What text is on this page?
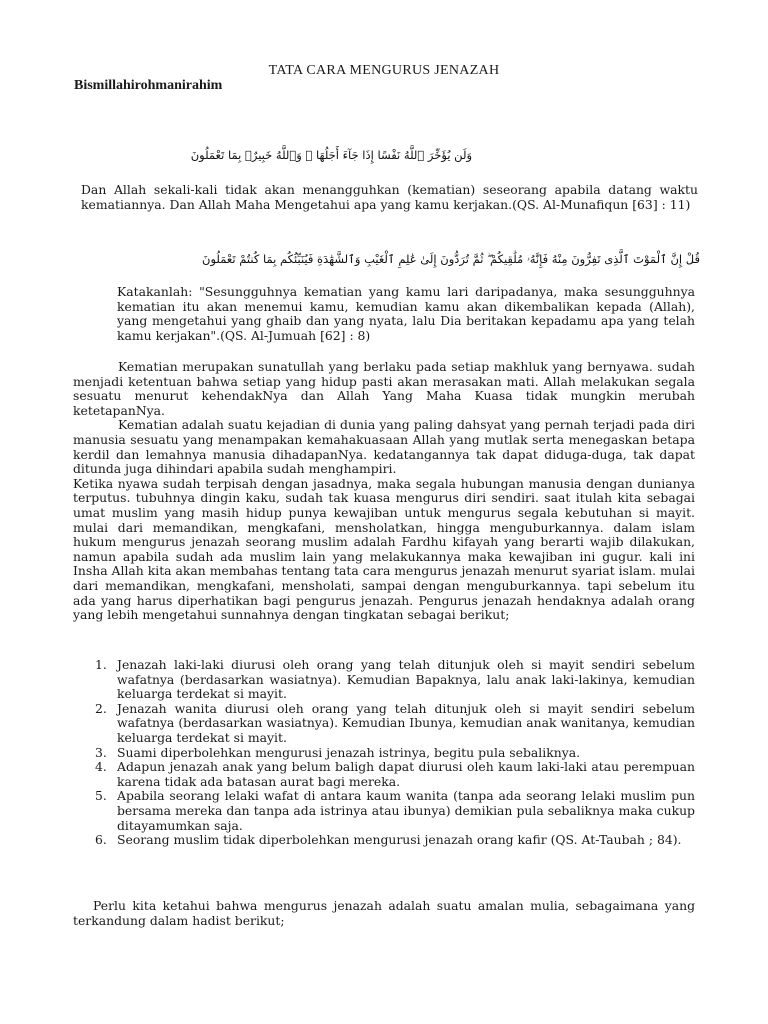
TATA CARA MENGURUS JENAZAH
Bismillahirohmanirahim
وَلَن يُؤَخِّرَ ٱللَّهُ نَفْسًا إِذَا جَآءَ أَجَلُهَا ۚ وَٱللَّهُ خَبِيرٌۢ بِمَا تَعْمَلُونَ
Dan Allah sekali-kali tidak akan menangguhkan (kematian) seseorang apabila datang waktu kematiannya. Dan Allah Maha Mengetahui apa yang kamu kerjakan.(QS. Al-Munafiqun [63] : 11)
قُلْ إِنَّ ٱلْمَوْتَ ٱلَّذِى تَفِرُّونَ مِنْهُ فَإِنَّهُۥ مُلَٰقِيكُمْ ۖ ثُمَّ تُرَدُّونَ إِلَىٰ عَٰلِمِ ٱلْغَيْبِ وَٱلشَّهَٰدَةِ فَيُنَبِّئُكُم بِمَا كُنتُمْ تَعْمَلُونَ
Katakanlah: "Sesungguhnya kematian yang kamu lari daripadanya, maka sesungguhnya kematian itu akan menemui kamu, kemudian kamu akan dikembalikan kepada (Allah), yang mengetahui yang ghaib dan yang nyata, lalu Dia beritakan kepadamu apa yang telah kamu kerjakan".(QS. Al-Jumuah [62] : 8)

Kematian merupakan sunatullah yang berlaku pada setiap makhluk yang bernyawa. sudah menjadi ketentuan bahwa setiap yang hidup pasti akan merasakan mati. Allah melakukan segala sesuatu menurut kehendakNya dan Allah Yang Maha Kuasa tidak mungkin merubah ketetapanNya.

Kematian adalah suatu kejadian di dunia yang paling dahsyat yang pernah terjadi pada diri manusia sesuatu yang menampakan kemahakuasaan Allah yang mutlak serta menegaskan betapa kerdil dan lemahnya manusia dihadapanNya. kedatangannya tak dapat diduga-duga, tak dapat ditunda juga dihindari apabila sudah menghampiri.

Ketika nyawa sudah terpisah dengan jasadnya, maka segala hubungan manusia dengan dunianya terputus. tubuhnya dingin kaku, sudah tak kuasa mengurus diri sendiri. saat itulah kita sebagai umat muslim yang masih hidup punya kewajiban untuk mengurus segala kebutuhan si mayit. mulai dari memandikan, mengkafani, mensholatkan, hingga menguburkannya. dalam islam hukum mengurus jenazah seorang muslim adalah Fardhu kifayah yang berarti wajib dilakukan, namun apabila sudah ada muslim lain yang melakukannya maka kewajiban ini gugur. kali ini Insha Allah kita akan membahas tentang tata cara mengurus jenazah menurut syariat islam. mulai dari memandikan, mengkafani, mensholati, sampai dengan menguburkannya. tapi sebelum itu ada yang harus diperhatikan bagi pengurus jenazah. Pengurus jenazah hendaknya adalah orang yang lebih mengetahui sunnahnya dengan tingkatan sebagai berikut;

1. Jenazah laki-laki diurusi oleh orang yang telah ditunjuk oleh si mayit sendiri sebelum wafatnya (berdasarkan wasiatnya). Kemudian Bapaknya, lalu anak laki-lakinya, kemudian keluarga terdekat si mayit.
2. Jenazah wanita diurusi oleh orang yang telah ditunjuk oleh si mayit sendiri sebelum wafatnya (berdasarkan wasiatnya). Kemudian Ibunya, kemudian anak wanitanya, kemudian keluarga terdekat si mayit.
3. Suami diperbolehkan mengurusi jenazah istrinya, begitu pula sebaliknya.
4. Adapun jenazah anak yang belum baligh dapat diurusi oleh kaum laki-laki atau perempuan karena tidak ada batasan aurat bagi mereka.
5. Apabila seorang lelaki wafat di antara kaum wanita (tanpa ada seorang lelaki muslim pun bersama mereka dan tanpa ada istrinya atau ibunya) demikian pula sebaliknya maka cukup ditayamumkan saja.
6. Seorang muslim tidak diperbolehkan mengurusi jenazah orang kafir (QS. At-Taubah ; 84).
Perlu kita ketahui bahwa mengurus jenazah adalah suatu amalan mulia, sebagaimana yang terkandung dalam hadist berikut;
